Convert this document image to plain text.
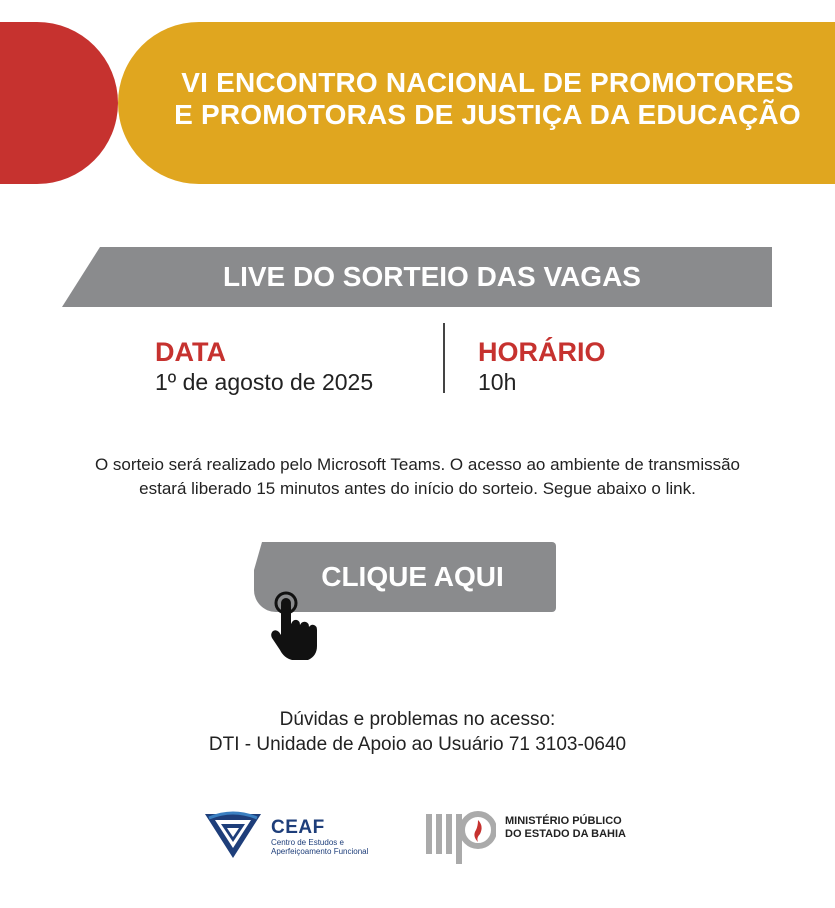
VI ENCONTRO NACIONAL DE PROMOTORES
E PROMOTORAS DE JUSTIÇA DA EDUCAÇÃO
LIVE DO SORTEIO DAS VAGAS
DATA
1º de agosto de 2025
HORÁRIO
10h
O sorteio será realizado pelo Microsoft Teams. O acesso ao ambiente de transmissão
estará liberado 15 minutos antes do início do sorteio. Segue abaixo o link.
CLIQUE AQUI
Dúvidas e problemas no acesso:
DTI - Unidade de Apoio ao Usuário 71 3103-0640
CEAF
Centro de Estudos e
Aperfeiçoamento Funcional
MINISTÉRIO PÚBLICO
DO ESTADO DA BAHIA
